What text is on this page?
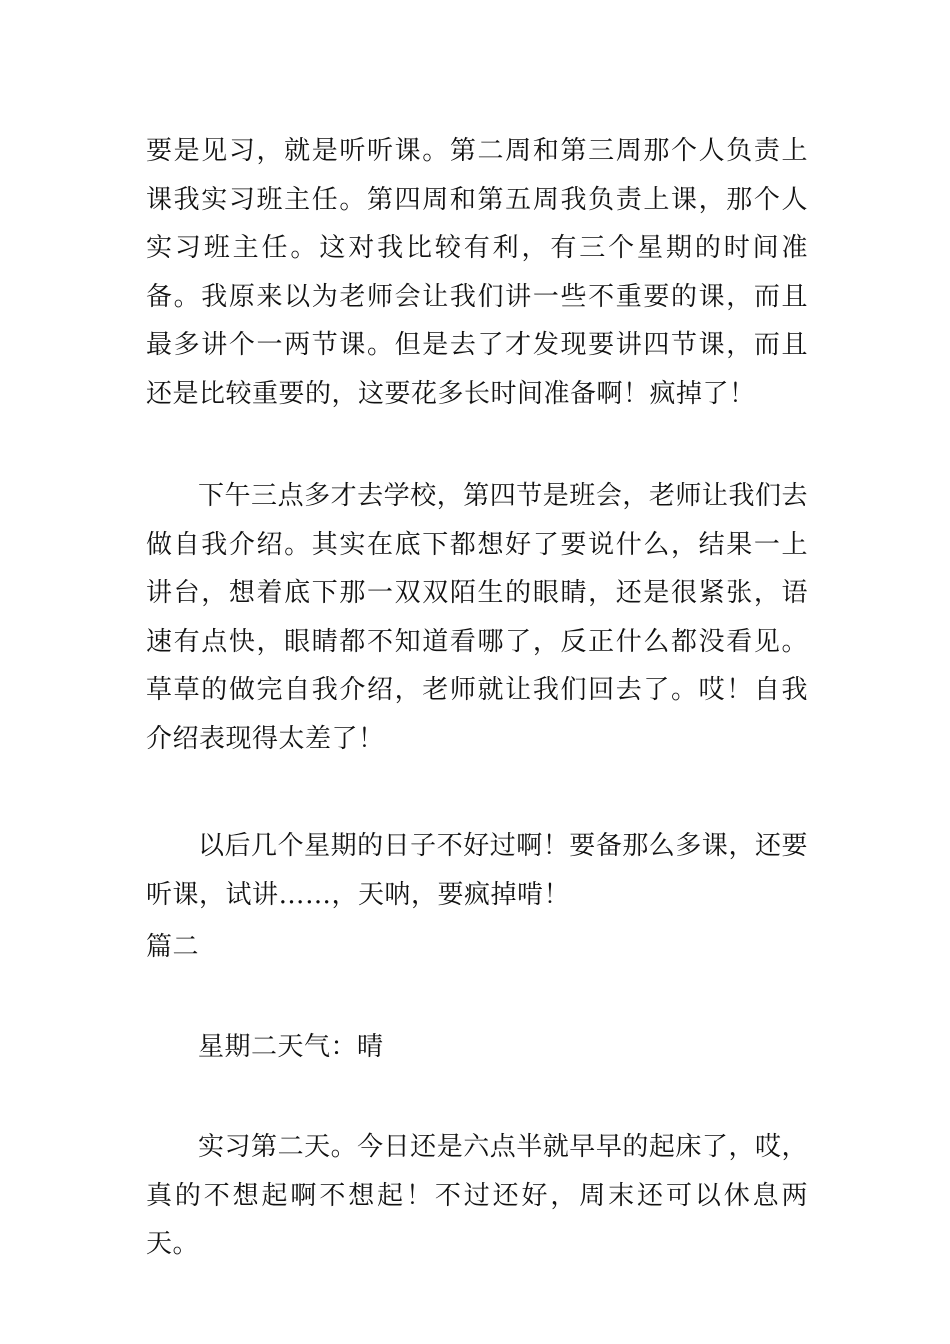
要是见习，就是听听课。第二周和第三周那个人负责上课我实习班主任。第四周和第五周我负责上课，那个人实习班主任。这对我比较有利，有三个星期的时间准备。我原来以为老师会让我们讲一些不重要的课，而且最多讲个一两节课。但是去了才发现要讲四节课，而且还是比较重要的，这要花多长时间准备啊！疯掉了！

下午三点多才去学校，第四节是班会，老师让我们去做自我介绍。其实在底下都想好了要说什么，结果一上讲台，想着底下那一双双陌生的眼睛，还是很紧张，语速有点快，眼睛都不知道看哪了，反正什么都没看见。草草的做完自我介绍，老师就让我们回去了。哎！自我介绍表现得太差了！

以后几个星期的日子不好过啊！要备那么多课，还要听课，试讲……，天呐，要疯掉啃！

篇二

星期二天气：晴

实习第二天。今日还是六点半就早早的起床了，哎，真的不想起啊不想起！不过还好，周末还可以休息两天。
